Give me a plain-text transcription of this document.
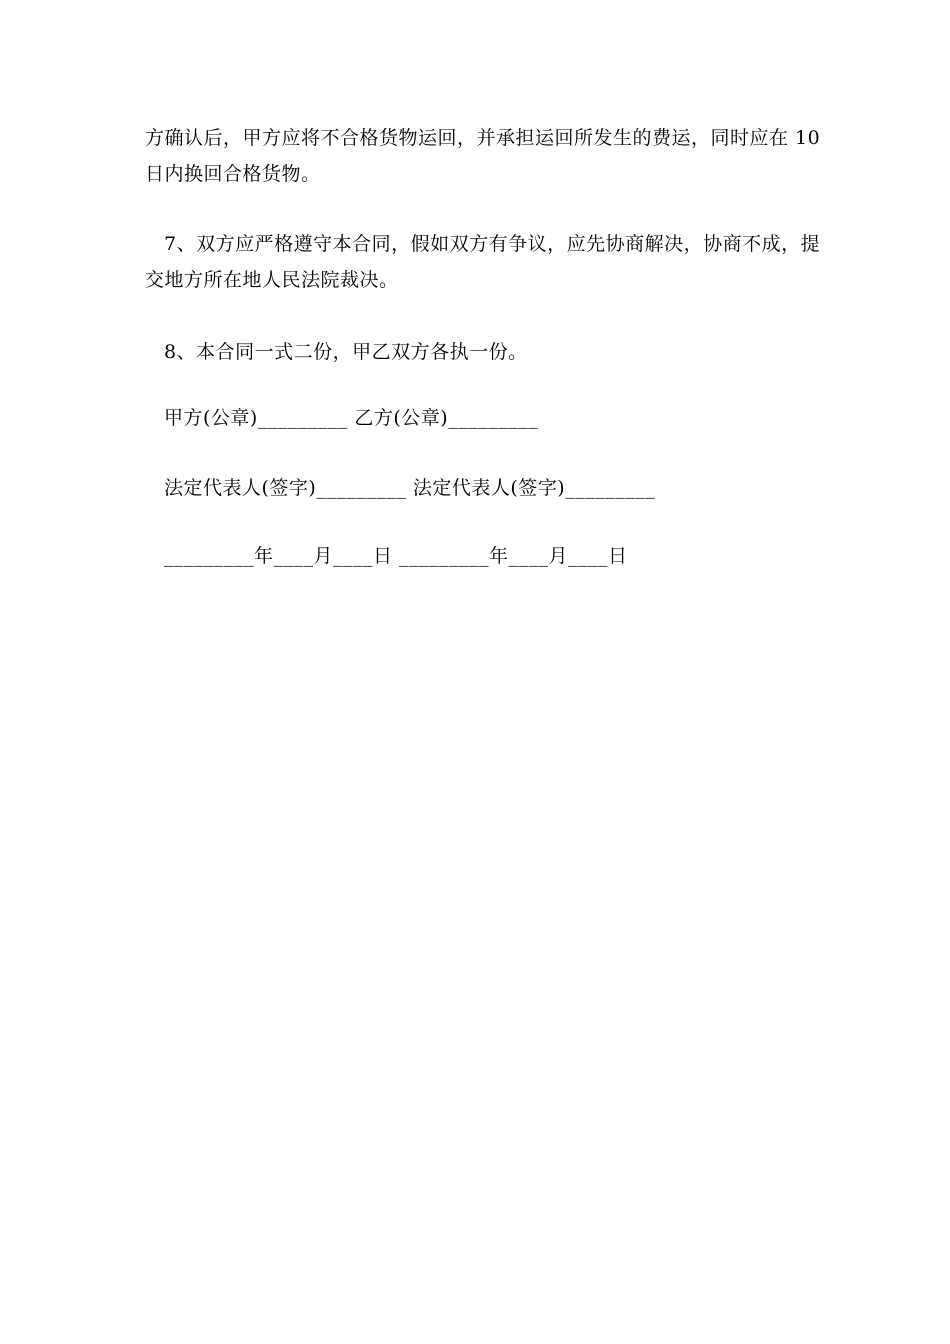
方确认后，甲方应将不合格货物运回，并承担运回所发生的费运，同时应在 10
日内换回合格货物。
7、双方应严格遵守本合同，假如双方有争议，应先协商解决，协商不成，提
交地方所在地人民法院裁决。
8、本合同一式二份，甲乙双方各执一份。
甲方(公章)_________ 乙方(公章)_________
法定代表人(签字)_________ 法定代表人(签字)_________
_________年____月____日 _________年____月____日
